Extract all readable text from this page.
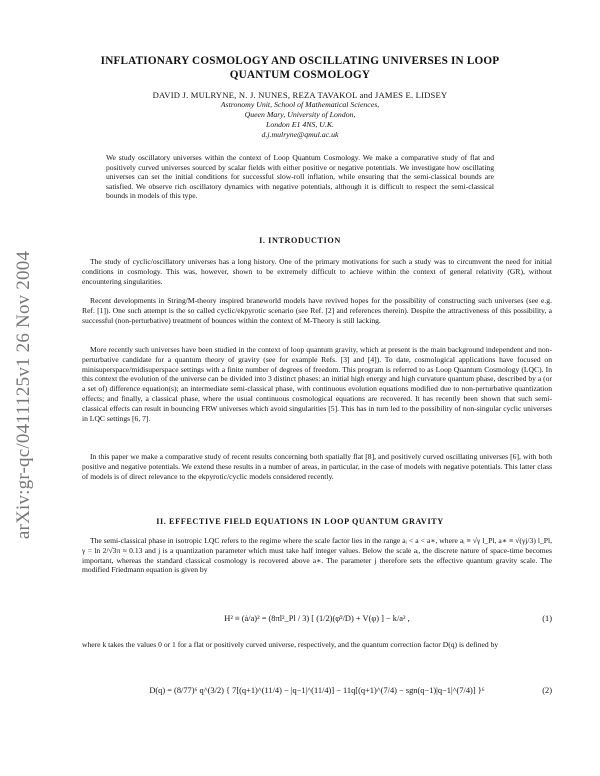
arXiv:gr-qc/0411125v1 26 Nov 2004
INFLATIONARY COSMOLOGY AND OSCILLATING UNIVERSES IN LOOP
QUANTUM COSMOLOGY
DAVID J. MULRYNE, N. J. NUNES, REZA TAVAKOL and JAMES E. LIDSEY
Astronomy Unit, School of Mathematical Sciences,
Queen Mary, University of London,
London E1 4NS, U.K.
d.j.mulryne@qmul.ac.uk

We study oscillatory universes within the context of Loop Quantum Cosmology. We make a comparative study of flat and positively curved universes sourced by scalar fields with either positive or negative potentials. We investigate how oscillating universes can set the initial conditions for successful slow-roll inflation, while ensuring that the semi-classical bounds are satisfied. We observe rich oscillatory dynamics with negative potentials, although it is difficult to respect the semi-classical bounds in models of this type.

I. INTRODUCTION

The study of cyclic/oscillatory universes has a long history. One of the primary motivations for such a study was to circumvent the need for initial conditions in cosmology. This was, however, shown to be extremely difficult to achieve within the context of general relativity (GR), without encountering singularities.

Recent developments in String/M-theory inspired braneworld models have revived hopes for the possibility of constructing such universes (see e.g. Ref. [1]). One such attempt is the so called cyclic/ekpyrotic scenario (see Ref. [2] and references therein). Despite the attractiveness of this possibility, a successful (non-perturbative) treatment of bounces within the context of M-Theory is still lacking.

More recently such universes have been studied in the context of loop quantum gravity, which at present is the main background independent and non-perturbative candidate for a quantum theory of gravity (see for example Refs. [3] and [4]). To date, cosmological applications have focused on minisuperspace/midisuperspace settings with a finite number of degrees of freedom. This program is referred to as Loop Quantum Cosmology (LQC). In this context the evolution of the universe can be divided into 3 distinct phases: an initial high energy and high curvature quantum phase, described by a (or a set of) difference equation(s); an intermediate semi-classical phase, with continuous evolution equations modified due to non-perturbative quantization effects; and finally, a classical phase, where the usual continuous cosmological equations are recovered. It has recently been shown that such semi-classical effects can result in bouncing FRW universes which avoid singularities [5]. This has in turn led to the possibility of non-singular cyclic universes in LQC settings [6, 7].

In this paper we make a comparative study of recent results concerning both spatially flat [8], and positively curved oscillating universes [6], with both positive and negative potentials. We extend these results in a number of areas, in particular, in the case of models with negative potentials. This latter class of models is of direct relevance to the ekpyrotic/cyclic models considered recently.

II. EFFECTIVE FIELD EQUATIONS IN LOOP QUANTUM GRAVITY

The semi-classical phase in isotropic LQC refers to the regime where the scale factor lies in the range aᵢ < a < a∗, where aᵢ ≡ √γ l_Pl, a∗ ≡ √(γj/3) l_Pl, γ = ln 2/√3π ≈ 0.13 and j is a quantization parameter which must take half integer values. Below the scale aᵢ, the discrete nature of space-time becomes important, whereas the standard classical cosmology is recovered above a∗. The parameter j therefore sets the effective quantum gravity scale. The modified Friedmann equation is given by

H² ≡ (ȧ/a)² = (8πl²_Pl / 3) [ (1/2)(φ̇²/D) + V(φ) ] − k/a² ,	(1)

where k takes the values 0 or 1 for a flat or positively curved universe, respectively, and the quantum correction factor D(q) is defined by

D(q) = (8/77)⁶ q^(3/2) { 7[(q+1)^(11/4) − |q−1|^(11/4)] − 11q[(q+1)^(7/4) − sgn(q−1)|q−1|^(7/4)] }⁶	(2)
